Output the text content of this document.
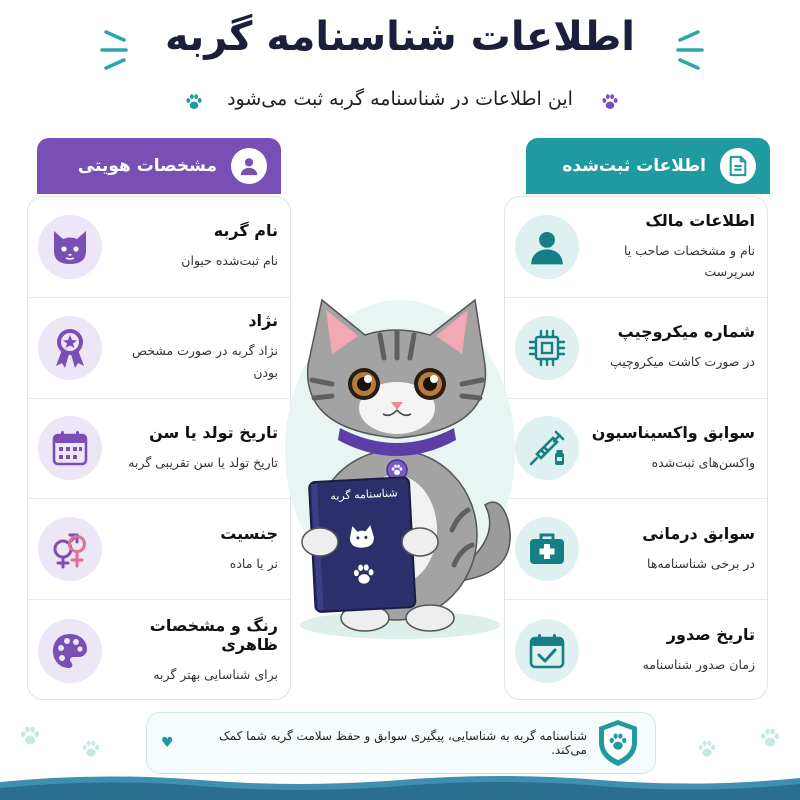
اطلاعات شناسنامه گربه
این اطلاعات در شناسنامه گربه ثبت می‌شود
مشخصات هویتی	اطلاعات ثبت‌شده
نام گربه
نام ثبت‌شده حیوان
نژاد
نژاد گربه در صورت مشخص بودن
تاریخ تولد یا سن
تاریخ تولد یا سن تقریبی گربه
جنسیت
نر یا ماده
رنگ و مشخصات ظاهری
برای شناسایی بهتر گربه
اطلاعات مالک
نام و مشخصات صاحب یا سرپرست
شماره میکروچیپ
در صورت کاشت میکروچیپ
سوابق واکسیناسیون
واکسن‌های ثبت‌شده
سوابق درمانی
در برخی شناسنامه‌ها
تاریخ صدور
زمان صدور شناسنامه
شناسنامه گربه
شناسنامه گربه به شناسایی، پیگیری سوابق و حفظ سلامت گربه شما کمک می‌کند.
♥
